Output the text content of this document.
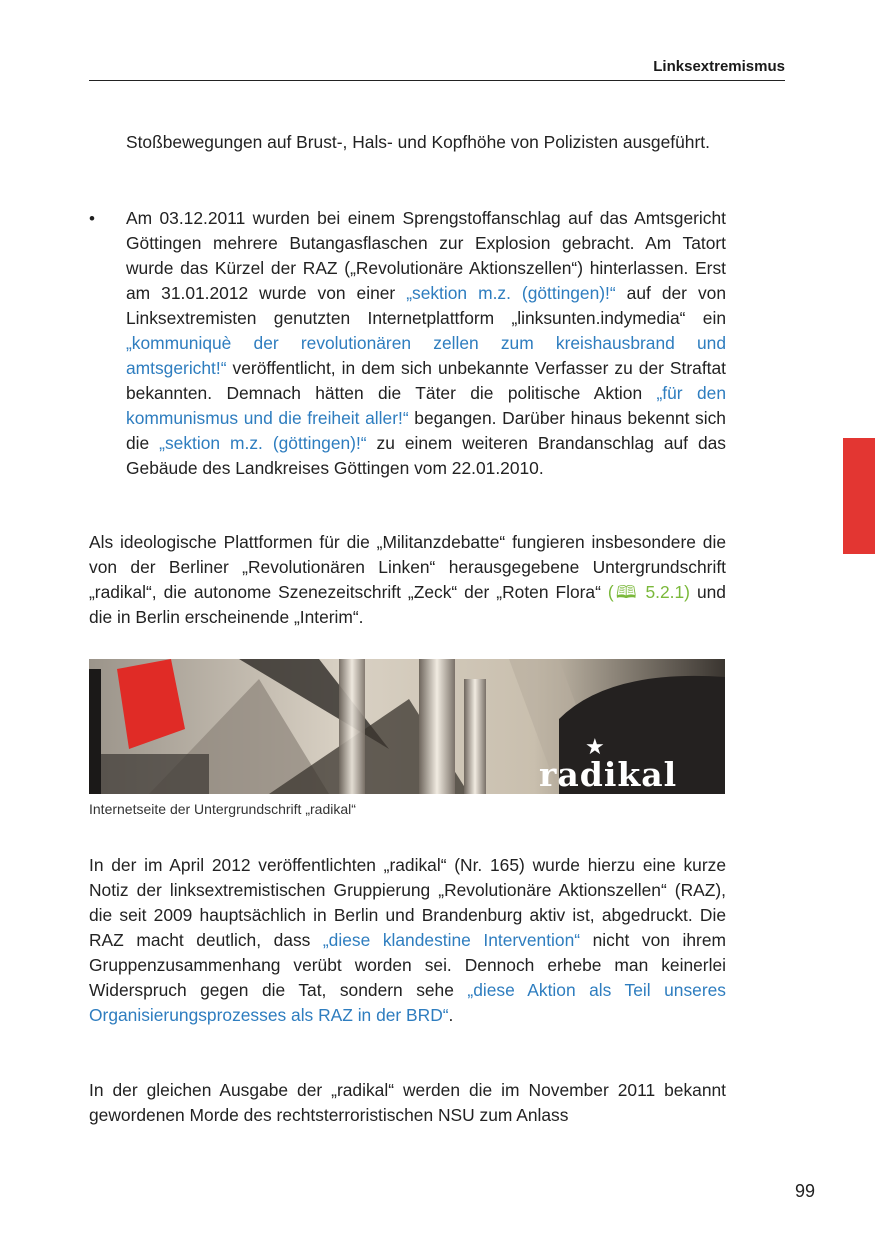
Linksextremismus

Stoßbewegungen auf Brust-, Hals- und Kopfhöhe von Polizisten ausgeführt.

• Am 03.12.2011 wurden bei einem Sprengstoffanschlag auf das Amtsgericht Göttingen mehrere Butangasflaschen zur Explosion gebracht. Am Tatort wurde das Kürzel der RAZ („Revolutionäre Aktionszellen“) hinterlassen. Erst am 31.01.2012 wurde von einer „sektion m.z. (göttingen)!“ auf der von Linksextremisten genutzten Internetplattform „linksunten.indymedia“ ein „kommuniquè der revolutionären zellen zum kreishausbrand und amtsgericht!“ veröffentlicht, in dem sich unbekannte Verfasser zu der Straftat bekannten. Demnach hätten die Täter die politische Aktion „für den kommunismus und die freiheit aller!“ begangen. Darüber hinaus bekennt sich die „sektion m.z. (göttingen)!“ zu einem weiteren Brandanschlag auf das Gebäude des Landkreises Göttingen vom 22.01.2010.

Als ideologische Plattformen für die „Militanzdebatte“ fungieren insbesondere die von der Berliner „Revolutionären Linken“ herausgegebene Untergrundschrift „radikal“, die autonome Szenezeitschrift „Zeck“ der „Roten Flora“ (🕮 5.2.1) und die in Berlin erscheinende „Interim“.

★
radikal
Internetseite der Untergrundschrift „radikal“

In der im April 2012 veröffentlichten „radikal“ (Nr. 165) wurde hierzu eine kurze Notiz der linksextremistischen Gruppierung „Revolutionäre Aktionszellen“ (RAZ), die seit 2009 hauptsächlich in Berlin und Brandenburg aktiv ist, abgedruckt. Die RAZ macht deutlich, dass „diese klandestine Intervention“ nicht von ihrem Gruppenzusammenhang verübt worden sei. Dennoch erhebe man keinerlei Widerspruch gegen die Tat, sondern sehe „diese Aktion als Teil unseres Organisierungsprozesses als RAZ in der BRD“.

In der gleichen Ausgabe der „radikal“ werden die im November 2011 bekannt gewordenen Morde des rechtsterroristischen NSU zum Anlass

99
